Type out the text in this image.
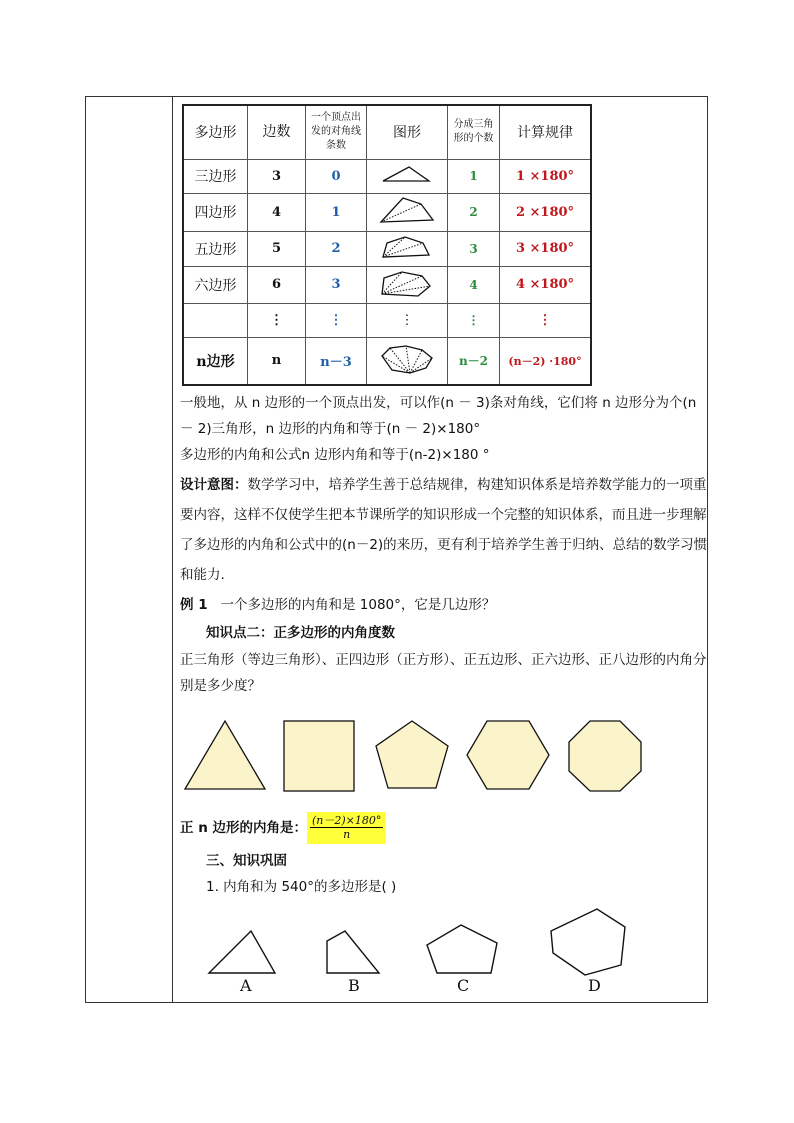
多边形	边数	一个顶点出发的对角线条数	图形	分成三角形的个数	计算规律
三边形	3	0		1	1 ×180°
四边形	4	1		2	2 ×180°
五边形	5	2		3	3 ×180°
六边形	6	3		4	4 ×180°
	⋮	⋮	⋮	⋮	⋮
n边形	n	n－3		n－2	(n－2) ·180°
一般地，从 n 边形的一个顶点出发，可以作(n － 3)条对角线，它们将 n 边形分为个(n － 2)三角形，n 边形的内角和等于(n － 2)×180°
多边形的内角和公式n 边形内角和等于(n-2)×180 °
设计意图：数学学习中，培养学生善于总结规律，构建知识体系是培养数学能力的一项重要内容，这样不仅使学生把本节课所学的知识形成一个完整的知识体系，而且进一步理解了多边形的内角和公式中的(n－2)的来历，更有利于培养学生善于归纳、总结的数学习惯和能力.
例 1 一个多边形的内角和是 1080°，它是几边形？
知识点二：正多边形的内角度数
正三角形（等边三角形）、正四边形（正方形）、正五边形、正六边形、正八边形的内角分别是多少度？
正 n 边形的内角是：$\frac{(n-2)\times 180^\circ}{n}$
三、知识巩固
1. 内角和为 540°的多边形是( )
A	B	C	D
